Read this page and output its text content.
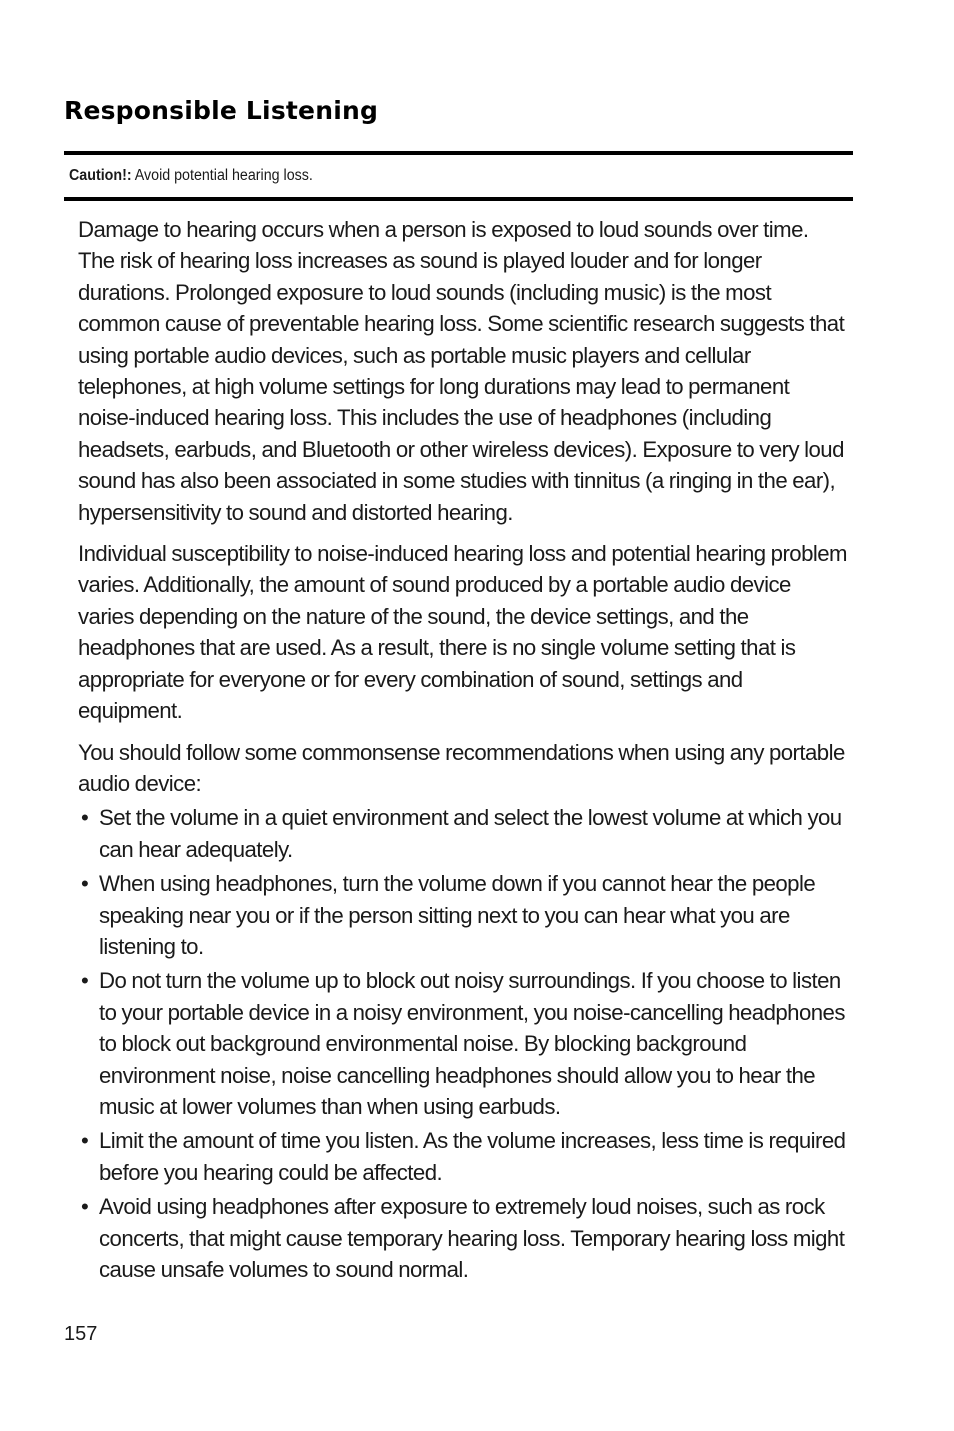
Responsible Listening
Caution!: Avoid potential hearing loss.

Damage to hearing occurs when a person is exposed to loud sounds over time. The risk of hearing loss increases as sound is played louder and for longer durations. Prolonged exposure to loud sounds (including music) is the most common cause of preventable hearing loss. Some scientific research suggests that using portable audio devices, such as portable music players and cellular telephones, at high volume settings for long durations may lead to permanent noise-induced hearing loss. This includes the use of headphones (including headsets, earbuds, and Bluetooth or other wireless devices). Exposure to very loud sound has also been associated in some studies with tinnitus (a ringing in the ear), hypersensitivity to sound and distorted hearing.

Individual susceptibility to noise-induced hearing loss and potential hearing problem varies. Additionally, the amount of sound produced by a portable audio device varies depending on the nature of the sound, the device settings, and the headphones that are used. As a result, there is no single volume setting that is appropriate for everyone or for every combination of sound, settings and equipment.

You should follow some commonsense recommendations when using any portable audio device:

• Set the volume in a quiet environment and select the lowest volume at which you can hear adequately.
• When using headphones, turn the volume down if you cannot hear the people speaking near you or if the person sitting next to you can hear what you are listening to.
• Do not turn the volume up to block out noisy surroundings. If you choose to listen to your portable device in a noisy environment, you noise-cancelling headphones to block out background environmental noise. By blocking background environment noise, noise cancelling headphones should allow you to hear the music at lower volumes than when using earbuds.
• Limit the amount of time you listen. As the volume increases, less time is required before you hearing could be affected.
• Avoid using headphones after exposure to extremely loud noises, such as rock concerts, that might cause temporary hearing loss. Temporary hearing loss might cause unsafe volumes to sound normal.
157
